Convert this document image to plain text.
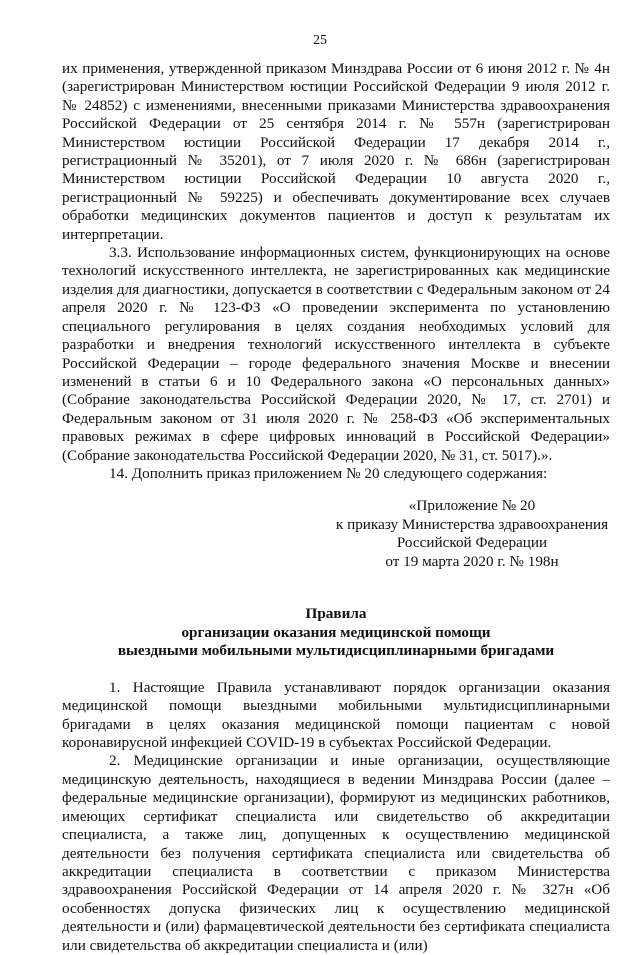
25

их применения, утвержденной приказом Минздрава России от 6 июня 2012 г. № 4н (зарегистрирован Министерством юстиции Российской Федерации 9 июля 2012 г. № 24852) с изменениями, внесенными приказами Министерства здравоохранения Российской Федерации от 25 сентября 2014 г. № 557н (зарегистрирован Министерством юстиции Российской Федерации 17 декабря 2014 г., регистрационный № 35201), от 7 июля 2020 г. № 686н (зарегистрирован Министерством юстиции Российской Федерации 10 августа 2020 г., регистрационный № 59225) и обеспечивать документирование всех случаев обработки медицинских документов пациентов и доступ к результатам их интерпретации.

3.3. Использование информационных систем, функционирующих на основе технологий искусственного интеллекта, не зарегистрированных как медицинские изделия для диагностики, допускается в соответствии с Федеральным законом от 24 апреля 2020 г. № 123-ФЗ «О проведении эксперимента по установлению специального регулирования в целях создания необходимых условий для разработки и внедрения технологий искусственного интеллекта в субъекте Российской Федерации – городе федерального значения Москве и внесении изменений в статьи 6 и 10 Федерального закона «О персональных данных» (Собрание законодательства Российской Федерации 2020, № 17, ст. 2701) и Федеральным законом от 31 июля 2020 г. № 258-ФЗ «Об экспериментальных правовых режимах в сфере цифровых инноваций в Российской Федерации» (Собрание законодательства Российской Федерации 2020, № 31, ст. 5017).».

14. Дополнить приказ приложением № 20 следующего содержания:

«Приложение № 20
к приказу Министерства здравоохранения
Российской Федерации
от 19 марта 2020 г. № 198н
Правила
организации оказания медицинской помощи
выездными мобильными мультидисциплинарными бригадами

1. Настоящие Правила устанавливают порядок организации оказания медицинской помощи выездными мобильными мультидисциплинарными бригадами в целях оказания медицинской помощи пациентам с новой коронавирусной инфекцией COVID-19 в субъектах Российской Федерации.

2. Медицинские организации и иные организации, осуществляющие медицинскую деятельность, находящиеся в ведении Минздрава России (далее – федеральные медицинские организации), формируют из медицинских работников, имеющих сертификат специалиста или свидетельство об аккредитации специалиста, а также лиц, допущенных к осуществлению медицинской деятельности без получения сертификата специалиста или свидетельства об аккредитации специалиста в соответствии с приказом Министерства здравоохранения Российской Федерации от 14 апреля 2020 г. № 327н «Об особенностях допуска физических лиц к осуществлению медицинской деятельности и (или) фармацевтической деятельности без сертификата специалиста или свидетельства об аккредитации специалиста и (или)
